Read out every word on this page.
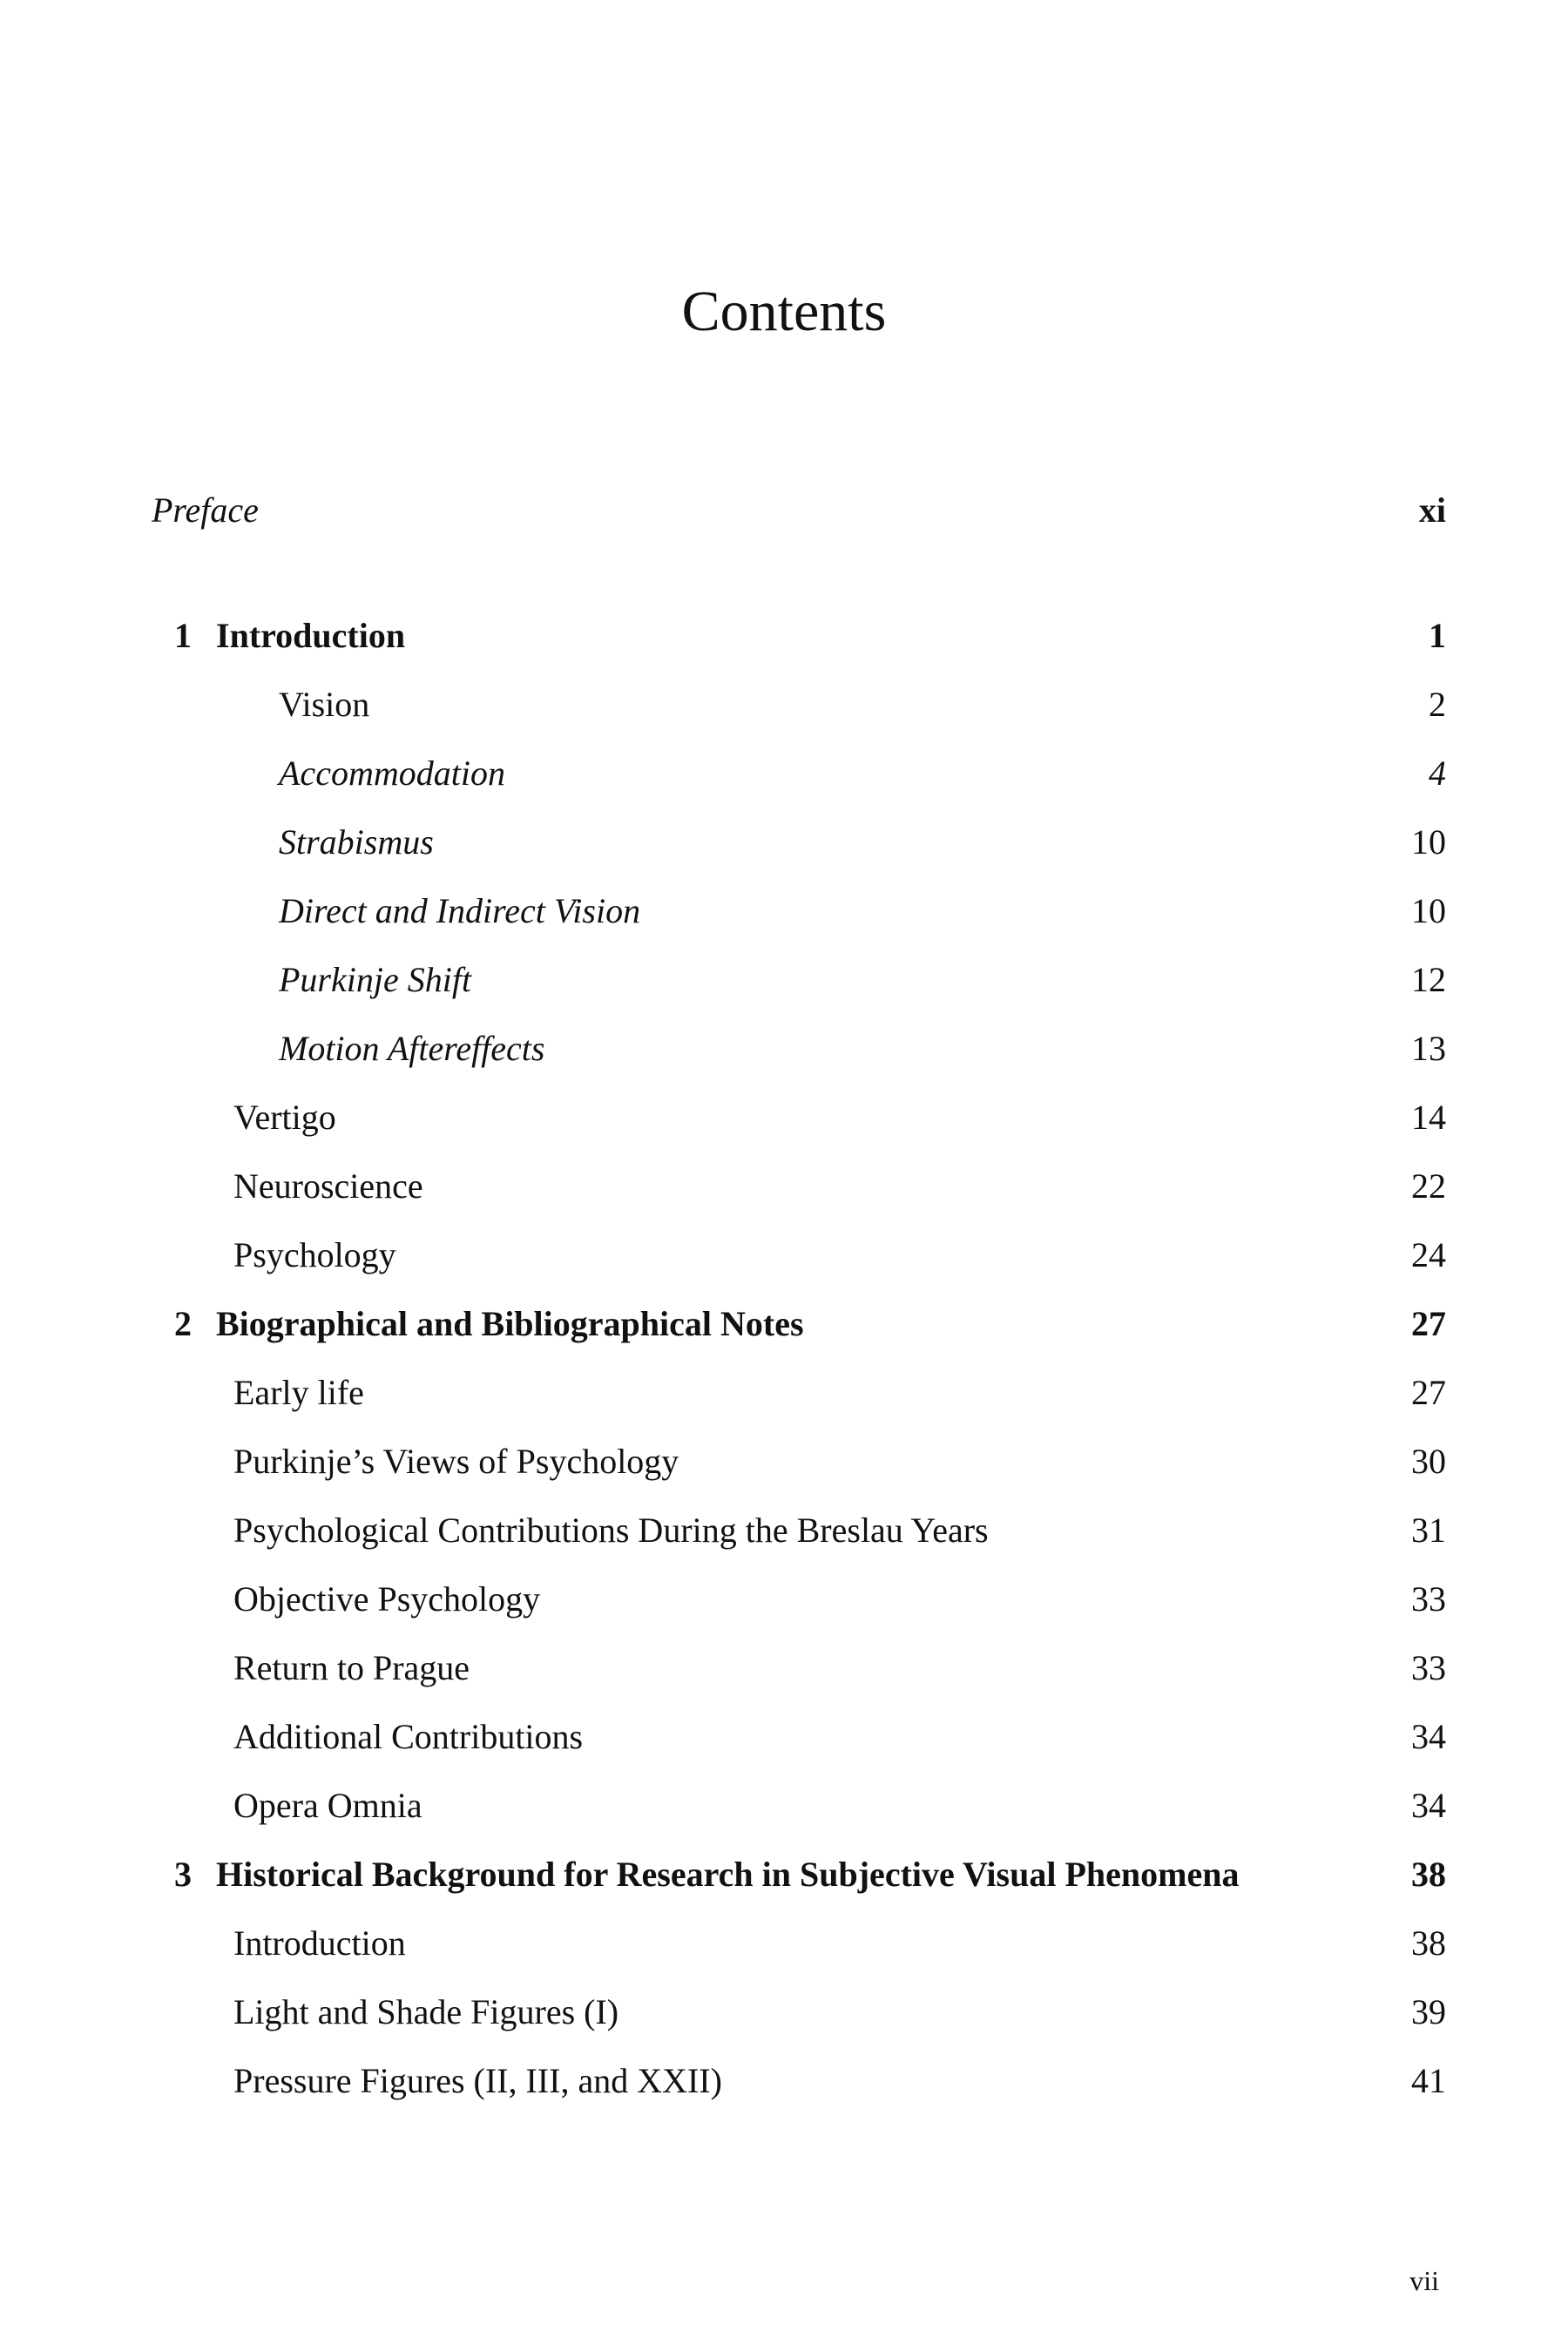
Contents
Preface	xi
1 Introduction	1
Vision	2
Accommodation	4
Strabismus	10
Direct and Indirect Vision	10
Purkinje Shift	12
Motion Aftereffects	13
Vertigo	14
Neuroscience	22
Psychology	24
2 Biographical and Bibliographical Notes	27
Early life	27
Purkinje’s Views of Psychology	30
Psychological Contributions During the Breslau Years	31
Objective Psychology	33
Return to Prague	33
Additional Contributions	34
Opera Omnia	34
3 Historical Background for Research in Subjective Visual Phenomena	38
Introduction	38
Light and Shade Figures (I)	39
Pressure Figures (II, III, and XXII)	41
vii
